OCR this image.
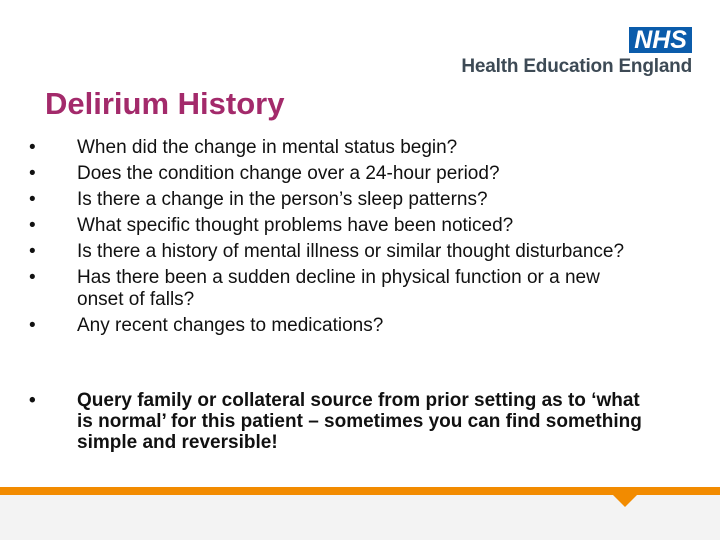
NHS
Health Education England
Delirium History
• When did the change in mental status begin?
• Does the condition change over a 24-hour period?
• Is there a change in the person’s sleep patterns?
• What specific thought problems have been noticed?
• Is there a history of mental illness or similar thought disturbance?
• Has there been a sudden decline in physical function or a new onset of falls?
• Any recent changes to medications?
• Query family or collateral source from prior setting as to ‘what is normal’ for this patient – sometimes you can find something simple and reversible!
